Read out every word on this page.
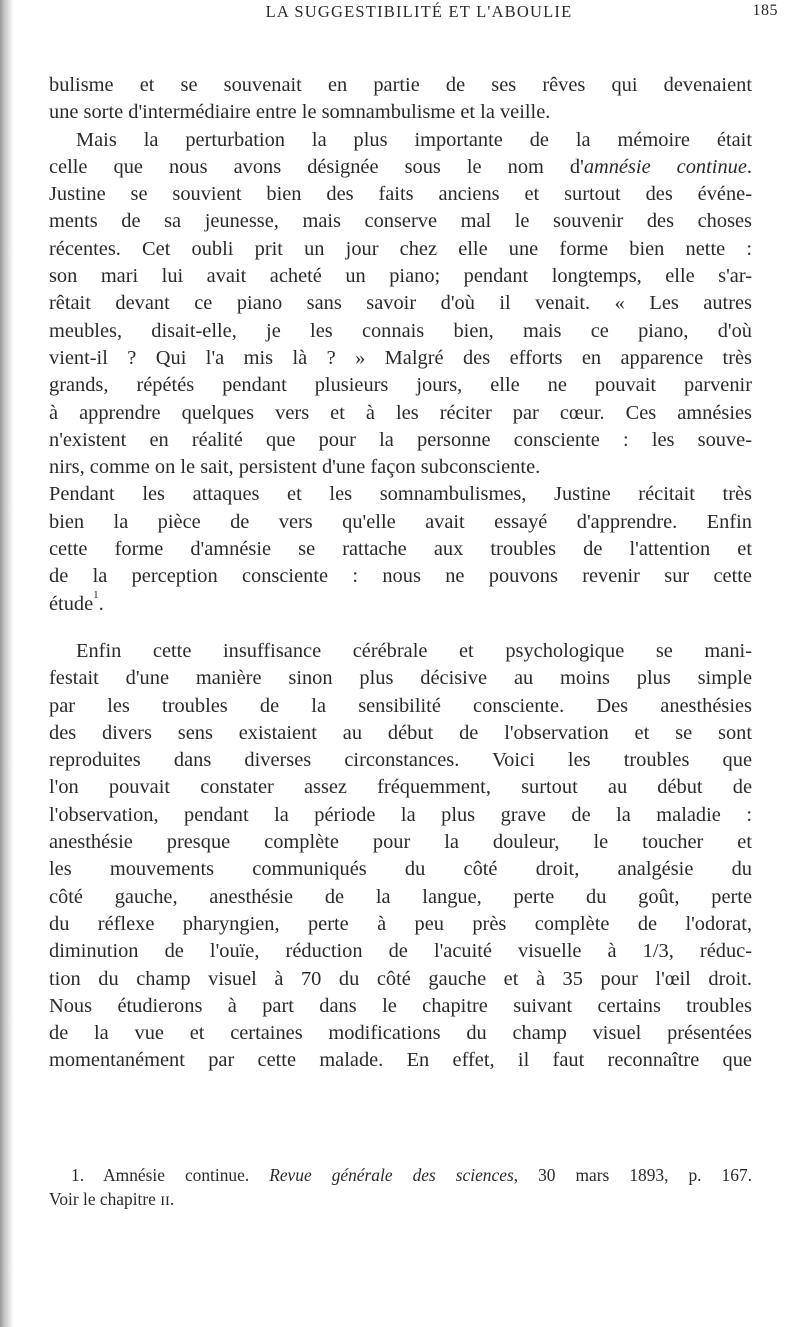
LA SUGGESTIBILITÉ ET L'ABOULIE	185
bulisme et se souvenait en partie de ses rêves qui devenaient
une sorte d'intermédiaire entre le somnambulisme et la veille.
Mais la perturbation la plus importante de la mémoire était
celle que nous avons désignée sous le nom d'amnésie continue.
Justine se souvient bien des faits anciens et surtout des événe-
ments de sa jeunesse, mais conserve mal le souvenir des choses
récentes. Cet oubli prit un jour chez elle une forme bien nette :
son mari lui avait acheté un piano; pendant longtemps, elle s'ar-
rêtait devant ce piano sans savoir d'où il venait. « Les autres
meubles, disait-elle, je les connais bien, mais ce piano, d'où
vient-il ? Qui l'a mis là ? » Malgré des efforts en apparence très
grands, répétés pendant plusieurs jours, elle ne pouvait parvenir
à apprendre quelques vers et à les réciter par cœur. Ces amnésies
n'existent en réalité que pour la personne consciente : les souve-
nirs, comme on le sait, persistent d'une façon subconsciente.
Pendant les attaques et les somnambulismes, Justine récitait très
bien la pièce de vers qu'elle avait essayé d'apprendre. Enfin
cette forme d'amnésie se rattache aux troubles de l'attention et
de la perception consciente : nous ne pouvons revenir sur cette
étude$^1$.
Enfin cette insuffisance cérébrale et psychologique se mani-
festait d'une manière sinon plus décisive au moins plus simple
par les troubles de la sensibilité consciente. Des anesthésies
des divers sens existaient au début de l'observation et se sont
reproduites dans diverses circonstances. Voici les troubles que
l'on pouvait constater assez fréquemment, surtout au début de
l'observation, pendant la période la plus grave de la maladie :
anesthésie presque complète pour la douleur, le toucher et
les mouvements communiqués du côté droit, analgésie du
côté gauche, anesthésie de la langue, perte du goût, perte
du réflexe pharyngien, perte à peu près complète de l'odorat,
diminution de l'ouïe, réduction de l'acuité visuelle à 1/3, réduc-
tion du champ visuel à 70 du côté gauche et à 35 pour l'œil droit.
Nous étudierons à part dans le chapitre suivant certains troubles
de la vue et certaines modifications du champ visuel présentées
momentanément par cette malade. En effet, il faut reconnaître que
1. Amnésie continue. Revue générale des sciences, 30 mars 1893, p. 167.
Voir le chapitre ɪɪ.
